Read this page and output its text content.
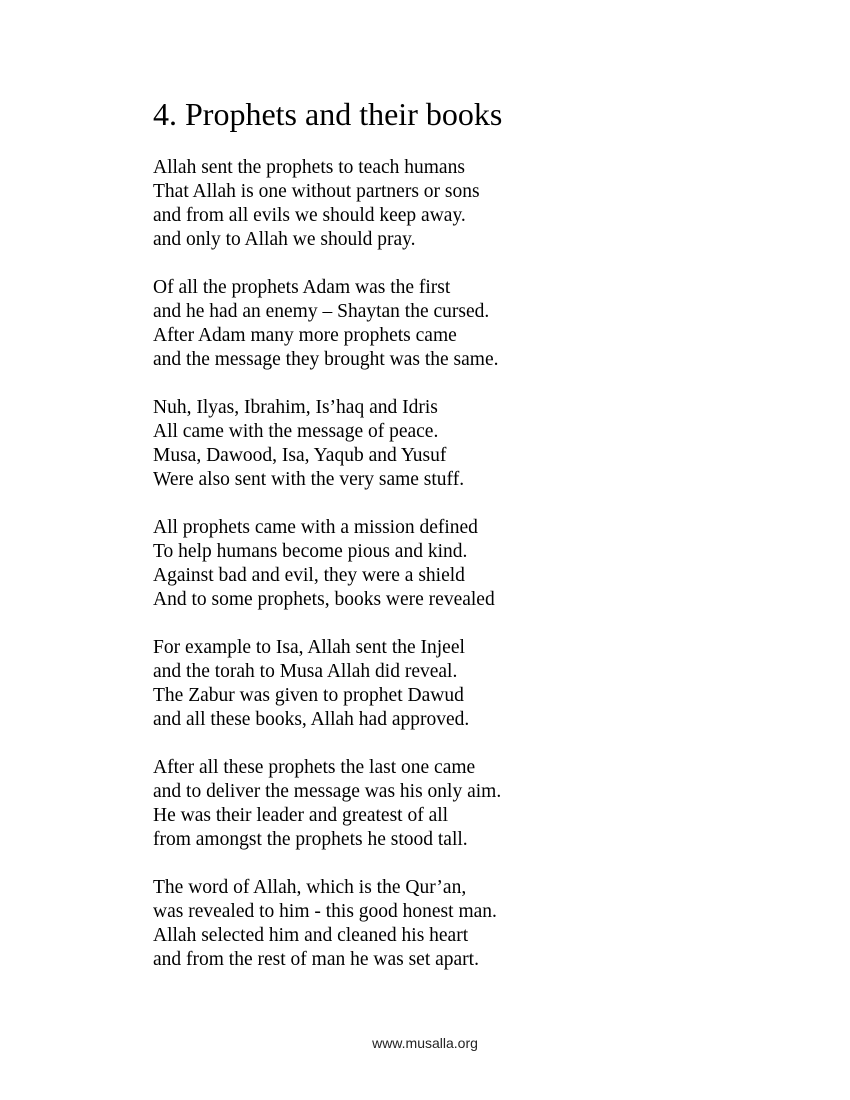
4. Prophets and their books
Allah sent the prophets to teach humans
That Allah is one without partners or sons
and from all evils we should keep away.
and only to Allah we should pray.
Of all the prophets Adam was the first
and he had an enemy – Shaytan the cursed.
After Adam many more prophets came
and the message they brought was the same.
Nuh, Ilyas, Ibrahim, Is’haq and Idris
All came with the message of peace.
Musa, Dawood, Isa, Yaqub and Yusuf
Were also sent with the very same stuff.
All prophets came with a mission defined
To help humans become pious and kind.
Against bad and evil, they were a shield
And to some prophets, books were revealed
For example to Isa, Allah sent the Injeel
and the torah to Musa Allah did reveal.
The Zabur was given to prophet Dawud
and all these books, Allah had approved.
After all these prophets the last one came
and to deliver the message was his only aim.
He was their leader and greatest of all
from amongst the prophets he stood tall.
The word of Allah, which is the Qur’an,
was revealed to him - this good honest man.
Allah selected him and cleaned his heart
and from the rest of man he was set apart.
www.musalla.org
